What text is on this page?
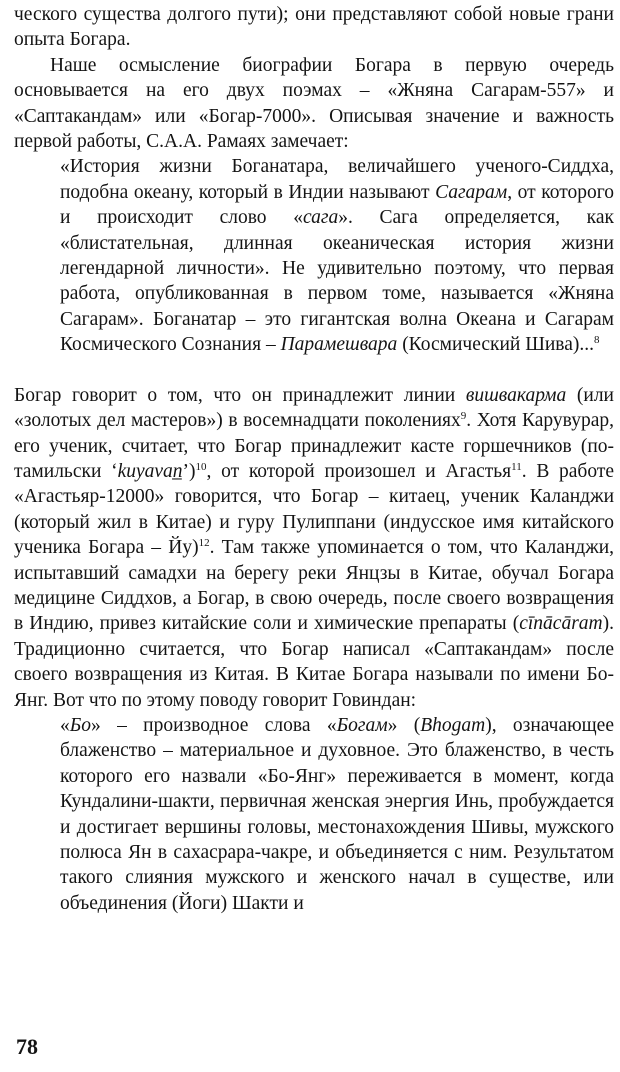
ческого существа долгого пути); они представляют собой новые грани опыта Богара.

Наше осмысление биографии Богара в первую очередь основывается на его двух поэмах – «Жняна Сагарам-557» и «Саптакандам» или «Богар-7000». Описывая значение и важность первой работы, С.А.А. Рамаях замечает:

«История жизни Боганатара, величайшего ученого-Сиддха, подобна океану, который в Индии называют Сагарам, от которого и происходит слово «сага». Сага определяется, как «блистательная, длинная океаническая история жизни легендарной личности». Не удивительно поэтому, что первая работа, опубликованная в первом томе, называется «Жняна Сагарам». Боганатар – это гигантская волна Океана и Сагарам Космического Сознания – Парамешвара (Космический Шива)...$^8$

Богар говорит о том, что он принадлежит линии вишвакарма (или «золотых дел мастеров») в восемнадцати поколениях$^9$. Хотя Карувурар, его ученик, считает, что Богар принадлежит касте горшечников (по-тамильски ‘kuyavan̲’)$^{10}$, от которой произошел и Агастья$^{11}$. В работе «Агастьяр-12000» говорится, что Богар – китаец, ученик Каланджи (который жил в Китае) и гуру Пулиппани (индусское имя китайского ученика Богара – Йу)$^{12}$. Там также упоминается о том, что Каланджи, испытавший самадхи на берегу реки Янцзы в Китае, обучал Богара медицине Сиддхов, а Богар, в свою очередь, после своего возвращения в Индию, привез китайские соли и химические препараты (cīnācāram). Традиционно считается, что Богар написал «Саптакандам» после своего возвращения из Китая. В Китае Богара называли по имени Бо-Янг. Вот что по этому поводу говорит Говиндан:

«Бо» – производное слова «Богам» (Bhogam), означающее блаженство – материальное и духовное. Это блаженство, в честь которого его назвали «Бо-Янг» переживается в момент, когда Кундалини-шакти, первичная женская энергия Инь, пробуждается и достигает вершины головы, местонахождения Шивы, мужского полюса Ян в сахасрара-чакре, и объединяется с ним. Результатом такого слияния мужского и женского начал в существе, или объединения (Йоги) Шакти и

78
